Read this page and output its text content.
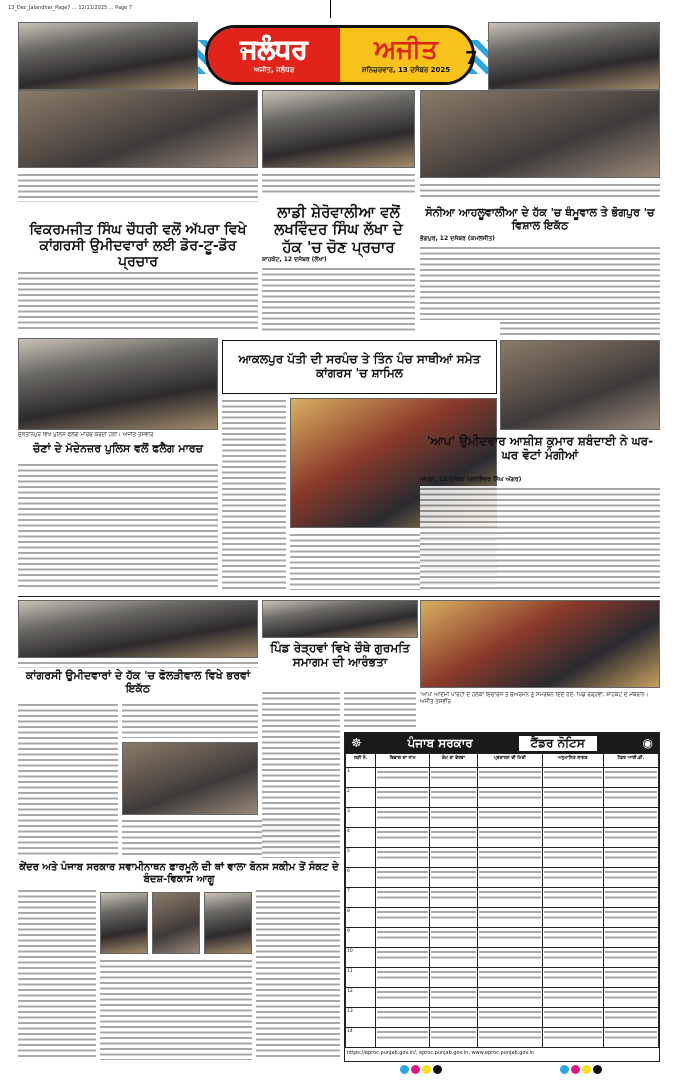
13_Dec_Jalandhar_Page7 ... 12/11/2025 ... Page 7
ਜਲੰਧਰ
ਅਜੀਤ, ਜਲੰਧਰ
ਅਜੀਤ
ਸ਼ਨਿਚਰਵਾਰ, 13 ਦਸੰਬਰ 2025
7
ਵਿਕਰਮਜੀਤ ਸਿੰਘ ਚੌਧਰੀ ਵਲੋਂ ਅੱਪਰਾ ਵਿਖੇ ਕਾਂਗਰਸੀ ਉਮੀਦਵਾਰਾਂ ਲਈ ਡੋਰ-ਟੂ-ਡੋਰ ਪ੍ਰਚਾਰ
ਲਾਡੀ ਸ਼ੇਰੋਵਾਲੀਆ ਵਲੋਂ ਲਖਵਿੰਦਰ ਸਿੰਘ ਲੱਖਾ ਦੇ ਹੱਕ 'ਚ ਚੋਣ ਪ੍ਰਚਾਰ
ਸੋਨੀਆ ਆਹਲੂਵਾਲੀਆ ਦੇ ਹੱਕ 'ਚ ਥੰਮੂਵਾਲ ਤੇ ਭੋਗਪੁਰ 'ਚ ਵਿਸ਼ਾਲ ਇਕੱਠ
ਸ਼ਾਹਕੋਟ, 12 ਦਸੰਬਰ (ਲੱਖਾ)
ਭੋਗਪੁਰ, 12 ਦਸੰਬਰ (ਕਮਲਜੀਤ)
ਸੁਲਤਾਨਪੁਰ ਵਿਖੇ ਪੁਲਿਸ ਫਲੈਗ ਮਾਰਚ ਕਰਦੀ ਹੋਈ। ਅਜੀਤ ਤਸਵੀਰ
ਚੋਣਾਂ ਦੇ ਮੱਦੇਨਜ਼ਰ ਪੁਲਿਸ ਵਲੋਂ ਫਲੈਗ ਮਾਰਚ
ਆਕਲਪੁਰ ਪੱਤੀ ਦੀ ਸਰਪੰਚ ਤੇ ਤਿੰਨ ਪੰਚ ਸਾਥੀਆਂ ਸਮੇਤ ਕਾਂਗਰਸ 'ਚ ਸ਼ਾਮਿਲ
'ਆਪ' ਉਮੀਦਵਾਰ ਆਸ਼ੀਸ਼ ਕੁਮਾਰ ਸ਼ਬੰਦਾਈ ਨੇ ਘਰ-ਘਰ ਵੋਟਾਂ ਮੰਗੀਆਂ
ਅੱਪਰਾ, 12 ਦਸੰਬਰ (ਦਲਵਿੰਦਰ ਸਿੰਘ ਅੱਗਰ)
ਕਾਂਗਰਸੀ ਉਮੀਦਵਾਰਾਂ ਦੇ ਹੱਕ 'ਚ ਫੋਲੜੀਵਾਲ ਵਿਖੇ ਭਰਵਾਂ ਇਕੱਠ
ਪਿੰਡ ਰੇੜ੍ਹਵਾਂ ਵਿਖੇ ਚੌਥੇ ਗੁਰਮਤਿ ਸਮਾਗਮ ਦੀ ਆਰੰਭਤਾ
'ਆਪ' ਆਦਮੀ ਪਾਰਟੀ ਦੇ ਹਲਕਾ ਇੰਚਾਰਜ ਤੇ ਚੇਅਰਮੈਨ ਨੂੰ ਸਮਰਥਨ ਦਿੰਦੇ ਹੋਏ, ਪਿੰਡ ਰੇੜ੍ਹਵਾਂ, ਸ਼ਾਹਕੋਟ ਦੇ ਮੈਂਬਰਾਨ। ਅਜੀਤ ਤਸਵੀਰ
☸	ਪੰਜਾਬ ਸਰਕਾਰ	ਟੈਂਡਰ ਨੋਟਿਸ	◉
ਲੜੀ ਨੰ.	ਵਿਭਾਗ ਦਾ ਨਾਮ	ਕੰਮ ਦਾ ਵੇਰਵਾ	ਪ੍ਰਕਾਸ਼ਨ ਦੀ ਮਿਤੀ	ਅਨੁਮਾਨਿਤ ਲਾਗਤ	ਟੈਂਡਰ ਆਈ.ਡੀ.
1	

2	

3	

4	

5	

6	

7	

8	

9	

10	

11	

12	

13	

14	

https://eproc.punjab.gov.in/, eproc.punjab.gov.in, www.eproc.punjab.gov.in
ਕੇਂਦਰ ਅਤੇ ਪੰਜਾਬ ਸਰਕਾਰ ਸਵਾਮੀਨਾਥਨ ਫਾਰਮੂਲੇ ਦੀ ਥਾਂ ਵਾਲਾ ਬੋਨਸ ਸਕੀਮ ਤੋਂ ਸੰਕਟ ਦੇ ਬੰਦਸ਼-ਵਿਕਾਸ ਆਗੂ
